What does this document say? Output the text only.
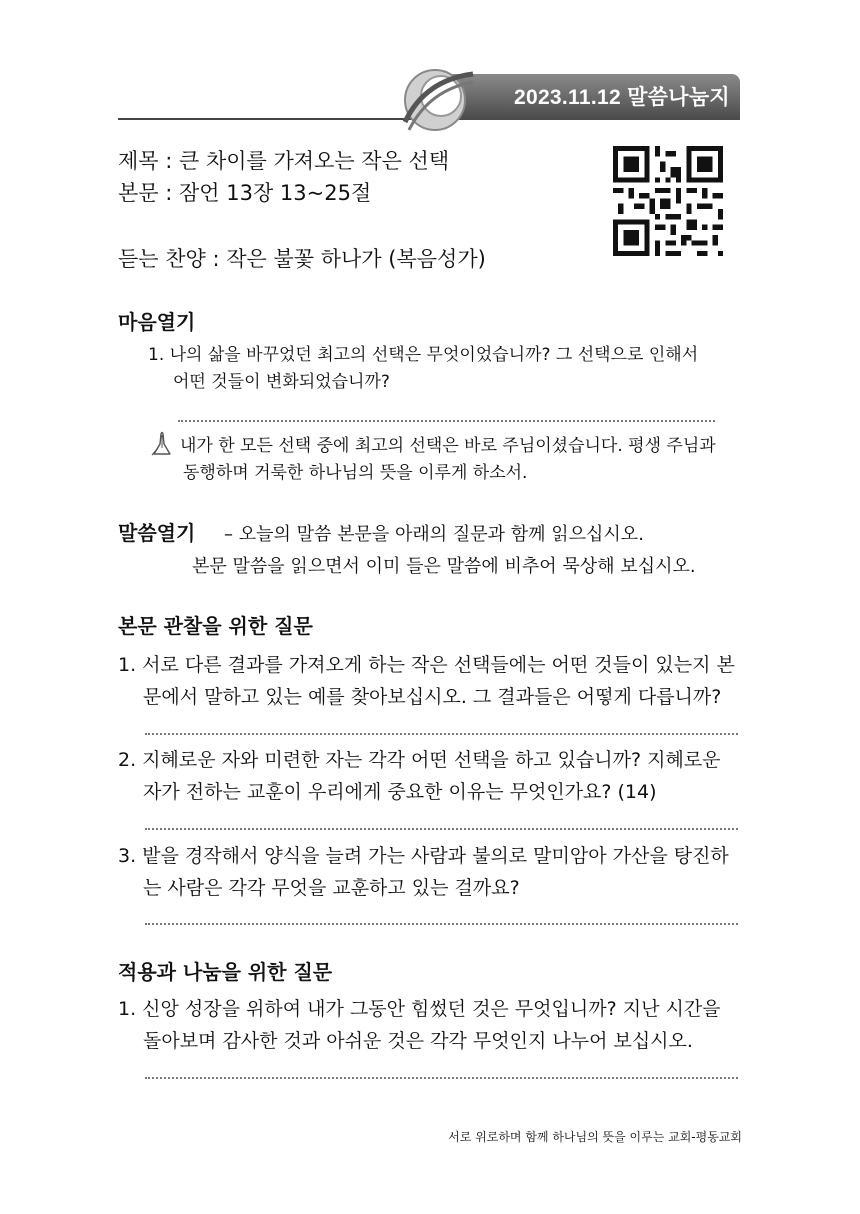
2023.11.12 말씀나눔지
제목 : 큰 차이를 가져오는 작은 선택
본문 : 잠언 13장 13~25절
듣는 찬양 : 작은 불꽃 하나가 (복음성가)
마음열기
1. 나의 삶을 바꾸었던 최고의 선택은 무엇이었습니까? 그 선택으로 인해서
어떤 것들이 변화되었습니까?
내가 한 모든 선택 중에 최고의 선택은 바로 주님이셨습니다. 평생 주님과
동행하며 거룩한 하나님의 뜻을 이루게 하소서.
말씀열기 – 오늘의 말씀 본문을 아래의 질문과 함께 읽으십시오.
본문 말씀을 읽으면서 이미 들은 말씀에 비추어 묵상해 보십시오.
본문 관찰을 위한 질문
1. 서로 다른 결과를 가져오게 하는 작은 선택들에는 어떤 것들이 있는지 본
문에서 말하고 있는 예를 찾아보십시오. 그 결과들은 어떻게 다릅니까?
2. 지혜로운 자와 미련한 자는 각각 어떤 선택을 하고 있습니까? 지혜로운
자가 전하는 교훈이 우리에게 중요한 이유는 무엇인가요? (14)
3. 밭을 경작해서 양식을 늘려 가는 사람과 불의로 말미암아 가산을 탕진하
는 사람은 각각 무엇을 교훈하고 있는 걸까요?
적용과 나눔을 위한 질문
1. 신앙 성장을 위하여 내가 그동안 힘썼던 것은 무엇입니까? 지난 시간을
돌아보며 감사한 것과 아쉬운 것은 각각 무엇인지 나누어 보십시오.
서로 위로하며 함께 하나님의 뜻을 이루는 교회-평동교회
